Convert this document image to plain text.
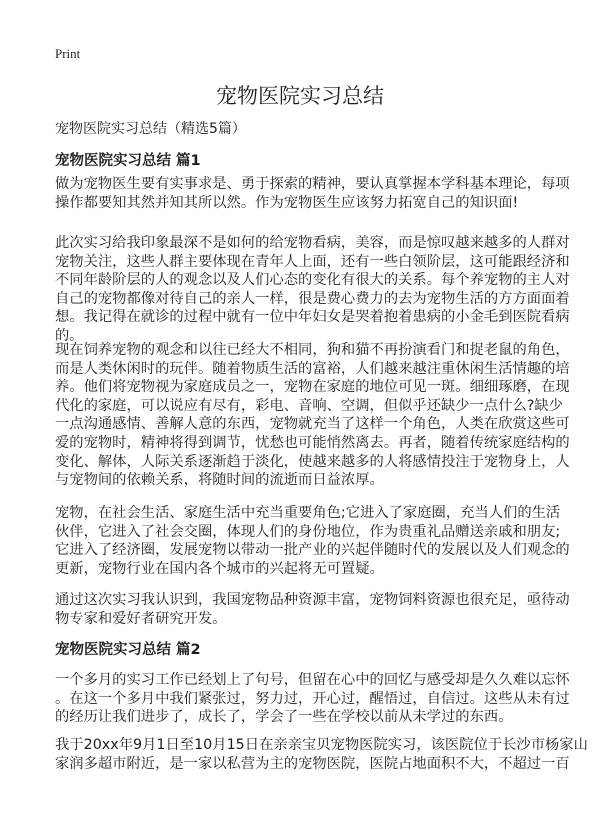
Print
宠物医院实习总结
宠物医院实习总结（精选5篇）
宠物医院实习总结 篇1
做为宠物医生要有实事求是、勇于探索的精神，要认真掌握本学科基本理论，每项
操作都要知其然并知其所以然。作为宠物医生应该努力拓宽自己的知识面!
此次实习给我印象最深不是如何的给宠物看病，美容，而是惊叹越来越多的人群对
宠物关注，这些人群主要体现在青年人上面，还有一些白领阶层，这可能跟经济和
不同年龄阶层的人的观念以及人们心态的变化有很大的关系。每个养宠物的主人对
自己的宠物都像对待自己的亲人一样，很是费心费力的去为宠物生活的方方面面着
想。我记得在就诊的过程中就有一位中年妇女是哭着抱着患病的小金毛到医院看病
的。
现在饲养宠物的观念和以往已经大不相同，狗和猫不再扮演看门和捉老鼠的角色，
而是人类休闲时的玩伴。随着物质生活的富裕，人们越来越注重休闲生活情趣的培
养。他们将宠物视为家庭成员之一，宠物在家庭的地位可见一斑。细细琢磨，在现
代化的家庭，可以说应有尽有，彩电、音响、空调，但似乎还缺少一点什么?缺少
一点沟通感情、善解人意的东西，宠物就充当了这样一个角色，人类在欣赏这些可
爱的宠物时，精神将得到调节，忧愁也可能悄然离去。再者，随着传统家庭结构的
变化、解体，人际关系逐渐趋于淡化，使越来越多的人将感情投注于宠物身上，人
与宠物间的依赖关系，将随时间的流逝而日益浓厚。
宠物，在社会生活、家庭生活中充当重要角色;它进入了家庭圈，充当人们的生活
伙伴，它进入了社会交圈，体现人们的身份地位，作为贵重礼品赠送亲戚和朋友;
它进入了经济圈，发展宠物以带动一批产业的兴起伴随时代的发展以及人们观念的
更新，宠物行业在国内各个城市的兴起将无可置疑。
通过这次实习我认识到，我国宠物品种资源丰富，宠物饲料资源也很充足，亟待动
物专家和爱好者研究开发。
宠物医院实习总结 篇2
一个多月的实习工作已经划上了句号，但留在心中的回忆与感受却是久久难以忘怀
。在这一个多月中我们紧张过，努力过，开心过，醒悟过，自信过。这些从未有过
的经历让我们进步了，成长了，学会了一些在学校以前从未学过的东西。
我于20xx年9月1日至10月15日在亲亲宝贝宠物医院实习，该医院位于长沙市杨家山
家润多超市附近，是一家以私营为主的宠物医院，医院占地面积不大，不超过一百
